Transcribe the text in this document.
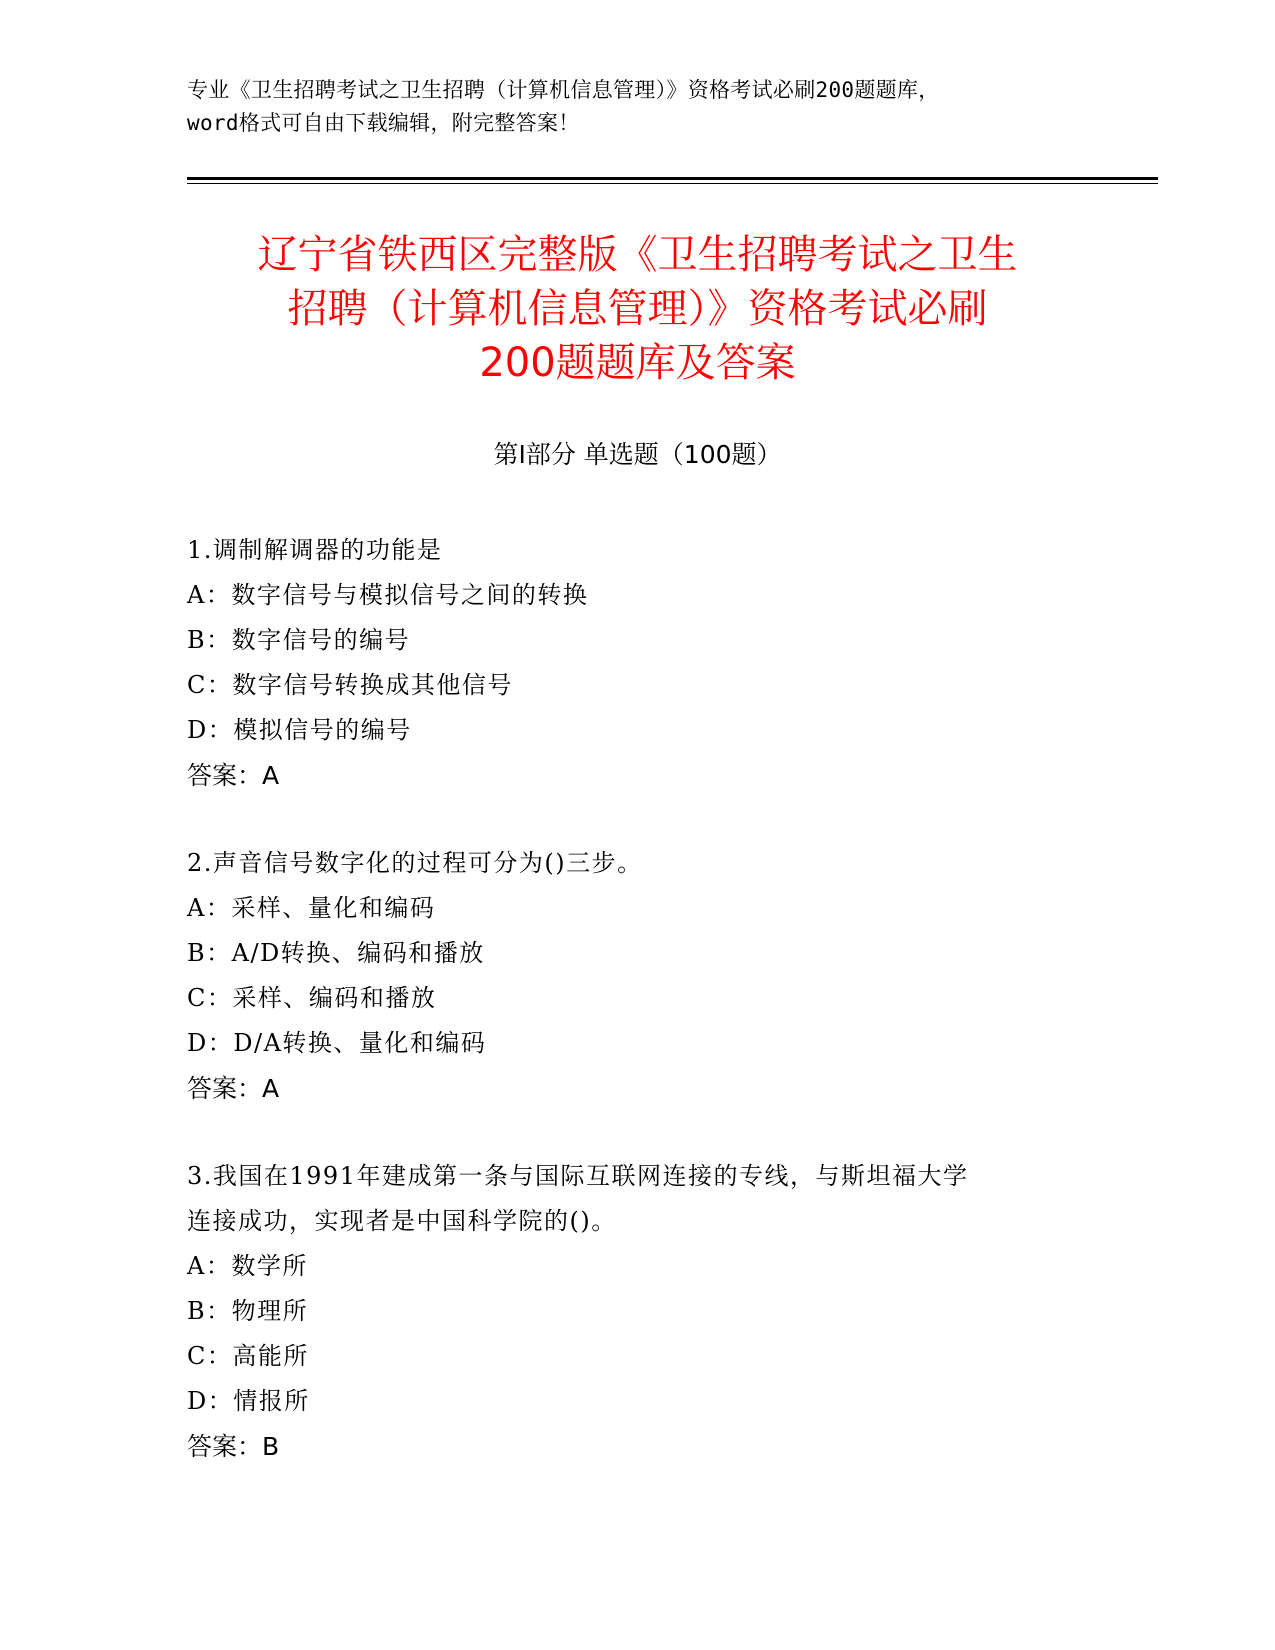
专业《卫生招聘考试之卫生招聘（计算机信息管理）》资格考试必刷200题题库，
word格式可自由下载编辑，附完整答案！
辽宁省铁西区完整版《卫生招聘考试之卫生
招聘（计算机信息管理）》资格考试必刷
200题题库及答案
第Ⅰ部分 单选题（100题）
1.调制解调器的功能是
A：数字信号与模拟信号之间的转换
B：数字信号的编号
C：数字信号转换成其他信号
D：模拟信号的编号
答案：A
2.声音信号数字化的过程可分为()三步。
A：采样、量化和编码
B：A/D转换、编码和播放
C：采样、编码和播放
D：D/A转换、量化和编码
答案：A
3.我国在1991年建成第一条与国际互联网连接的专线，与斯坦福大学
连接成功，实现者是中国科学院的()。
A：数学所
B：物理所
C：高能所
D：情报所
答案：B
